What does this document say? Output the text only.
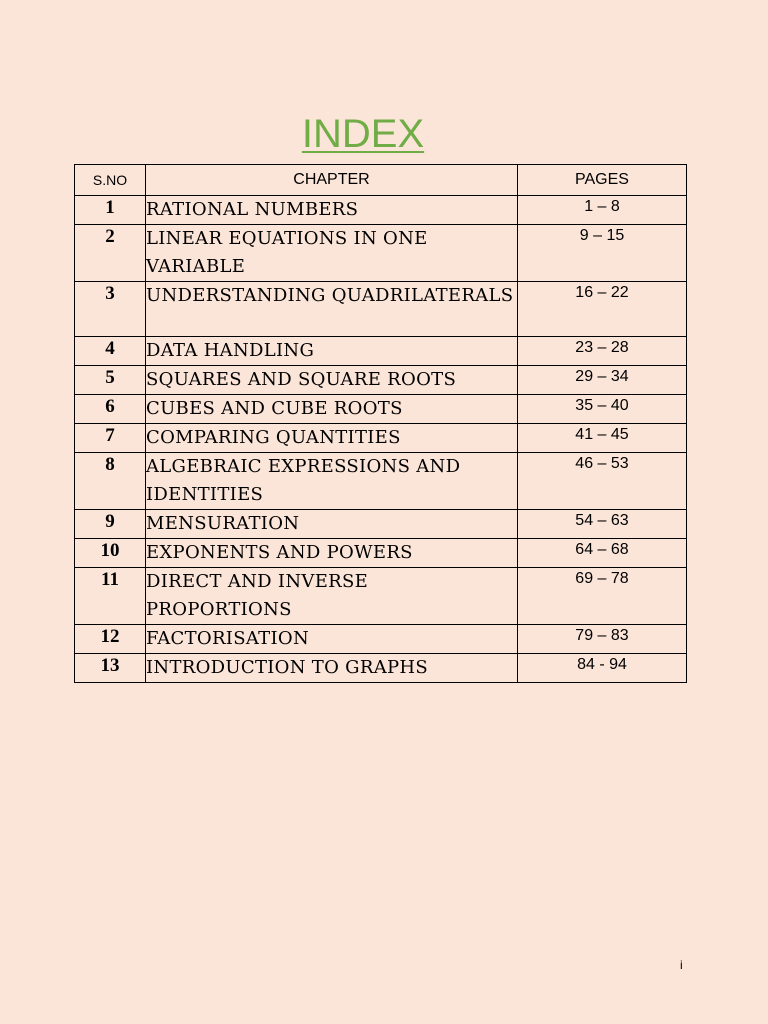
INDEX
S.NO	CHAPTER	PAGES
1	RATIONAL NUMBERS	1 – 8
2	LINEAR EQUATIONS IN ONE VARIABLE	9 – 15
3	UNDERSTANDING QUADRILATERALS	16 – 22
4	DATA HANDLING	23 – 28
5	SQUARES AND SQUARE ROOTS	29 – 34
6	CUBES AND CUBE ROOTS	35 – 40
7	COMPARING QUANTITIES	41 – 45
8	ALGEBRAIC EXPRESSIONS AND IDENTITIES	46 – 53
9	MENSURATION	54 – 63
10	EXPONENTS AND POWERS	64 – 68
11	DIRECT AND INVERSE PROPORTIONS	69 – 78
12	FACTORISATION	79 – 83
13	INTRODUCTION TO GRAPHS	84 - 94
i
